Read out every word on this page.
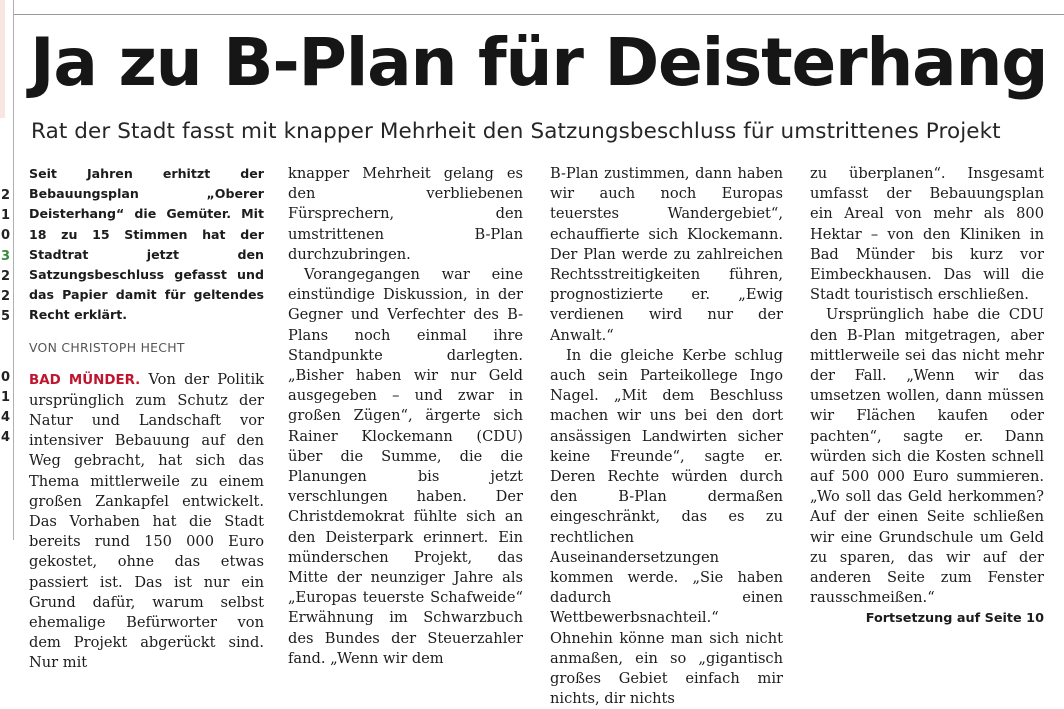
2
1
0
3
2
2
5

0
1
4
4
Ja zu B-Plan für Deisterhang
Rat der Stadt fasst mit knapper Mehrheit den Satzungsbeschluss für umstrittenes Projekt

Seit Jahren erhitzt der Bebauungsplan „Oberer Deisterhang“ die Gemüter. Mit 18 zu 15 Stimmen hat der Stadtrat jetzt den Satzungsbeschluss gefasst und das Papier damit für geltendes Recht erklärt.

VON CHRISTOPH HECHT

BAD MÜNDER. Von der Politik ursprünglich zum Schutz der Natur und Landschaft vor intensiver Bebauung auf den Weg gebracht, hat sich das Thema mittlerweile zu einem großen Zankapfel entwickelt. Das Vorhaben hat die Stadt bereits rund 150 000 Euro gekostet, ohne das etwas passiert ist. Das ist nur ein Grund dafür, warum selbst ehemalige Befürworter von dem Projekt abgerückt sind. Nur mit

knapper Mehrheit gelang es den verbliebenen Fürsprechern, den umstrittenen B-Plan durchzubringen.

Vorangegangen war eine einstündige Diskussion, in der Gegner und Verfechter des B-Plans noch einmal ihre Standpunkte darlegten. „Bisher haben wir nur Geld ausgegeben – und zwar in großen Zügen“, ärgerte sich Rainer Klockemann (CDU) über die Summe, die die Planungen bis jetzt verschlungen haben. Der Christdemokrat fühlte sich an den Deisterpark erinnert. Ein münderschen Projekt, das Mitte der neunziger Jahre als „Europas teuerste Schafweide“ Erwähnung im Schwarzbuch des Bundes der Steuerzahler fand. „Wenn wir dem

B-Plan zustimmen, dann haben wir auch noch Europas teuerstes Wandergebiet“, echauffierte sich Klockemann. Der Plan werde zu zahlreichen Rechtsstreitigkeiten führen, prognostizierte er. „Ewig verdienen wird nur der Anwalt.“

In die gleiche Kerbe schlug auch sein Parteikollege Ingo Nagel. „Mit dem Beschluss machen wir uns bei den dort ansässigen Landwirten sicher keine Freunde“, sagte er. Deren Rechte würden durch den B-Plan dermaßen eingeschränkt, das es zu rechtlichen Auseinandersetzungen kommen werde. „Sie haben dadurch einen Wettbewerbsnachteil.“ Ohnehin könne man sich nicht anmaßen, ein so „gigantisch großes Gebiet einfach mir nichts, dir nichts

zu überplanen“. Insgesamt umfasst der Bebauungsplan ein Areal von mehr als 800 Hektar – von den Kliniken in Bad Münder bis kurz vor Eimbeckhausen. Das will die Stadt touristisch erschließen.

Ursprünglich habe die CDU den B-Plan mitgetragen, aber mittlerweile sei das nicht mehr der Fall. „Wenn wir das umsetzen wollen, dann müssen wir Flächen kaufen oder pachten“, sagte er. Dann würden sich die Kosten schnell auf 500 000 Euro summieren. „Wo soll das Geld herkommen? Auf der einen Seite schließen wir eine Grundschule um Geld zu sparen, das wir auf der anderen Seite zum Fenster rausschmeißen.“

Fortsetzung auf Seite 10
